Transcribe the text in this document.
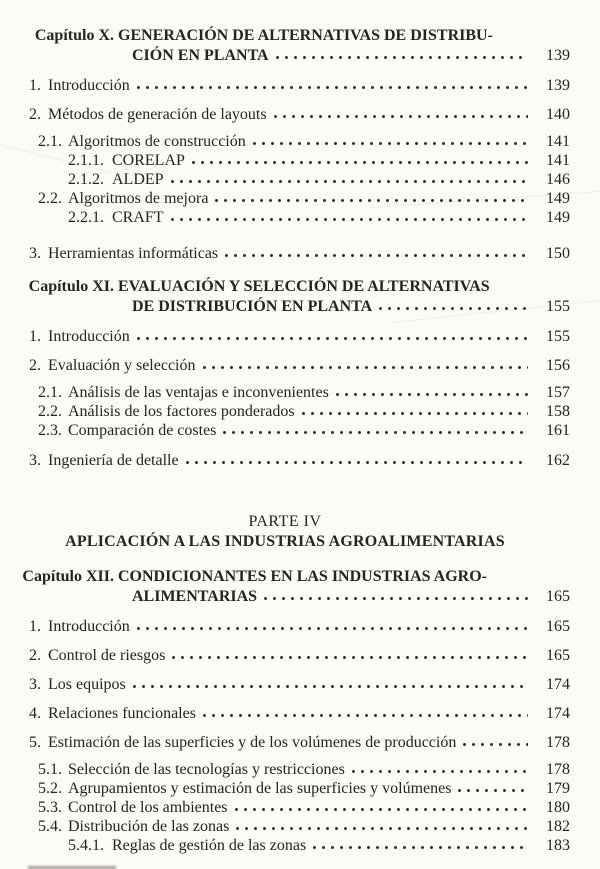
Capítulo X. GENERACIÓN DE ALTERNATIVAS DE DISTRIBU-
CIÓN EN PLANTA	139
1. Introducción	139
2. Métodos de generación de layouts	140
2.1. Algoritmos de construcción	141
2.1.1. CORELAP	141
2.1.2. ALDEP	146
2.2. Algoritmos de mejora	149
2.2.1. CRAFT	149
3. Herramientas informáticas	150
Capítulo XI. EVALUACIÓN Y SELECCIÓN DE ALTERNATIVAS
DE DISTRIBUCIÓN EN PLANTA	155
1. Introducción	155
2. Evaluación y selección	156
2.1. Análisis de las ventajas e inconvenientes	157
2.2. Análisis de los factores ponderados	158
2.3. Comparación de costes	161
3. Ingeniería de detalle	162
PARTE IV
APLICACIÓN A LAS INDUSTRIAS AGROALIMENTARIAS
Capítulo XII. CONDICIONANTES EN LAS INDUSTRIAS AGRO-
ALIMENTARIAS	165
1. Introducción	165
2. Control de riesgos	165
3. Los equipos	174
4. Relaciones funcionales	174
5. Estimación de las superficies y de los volúmenes de producción	178
5.1. Selección de las tecnologías y restricciones	178
5.2. Agrupamientos y estimación de las superficies y volúmenes	179
5.3. Control de los ambientes	180
5.4. Distribución de las zonas	182
5.4.1. Reglas de gestión de las zonas	183
